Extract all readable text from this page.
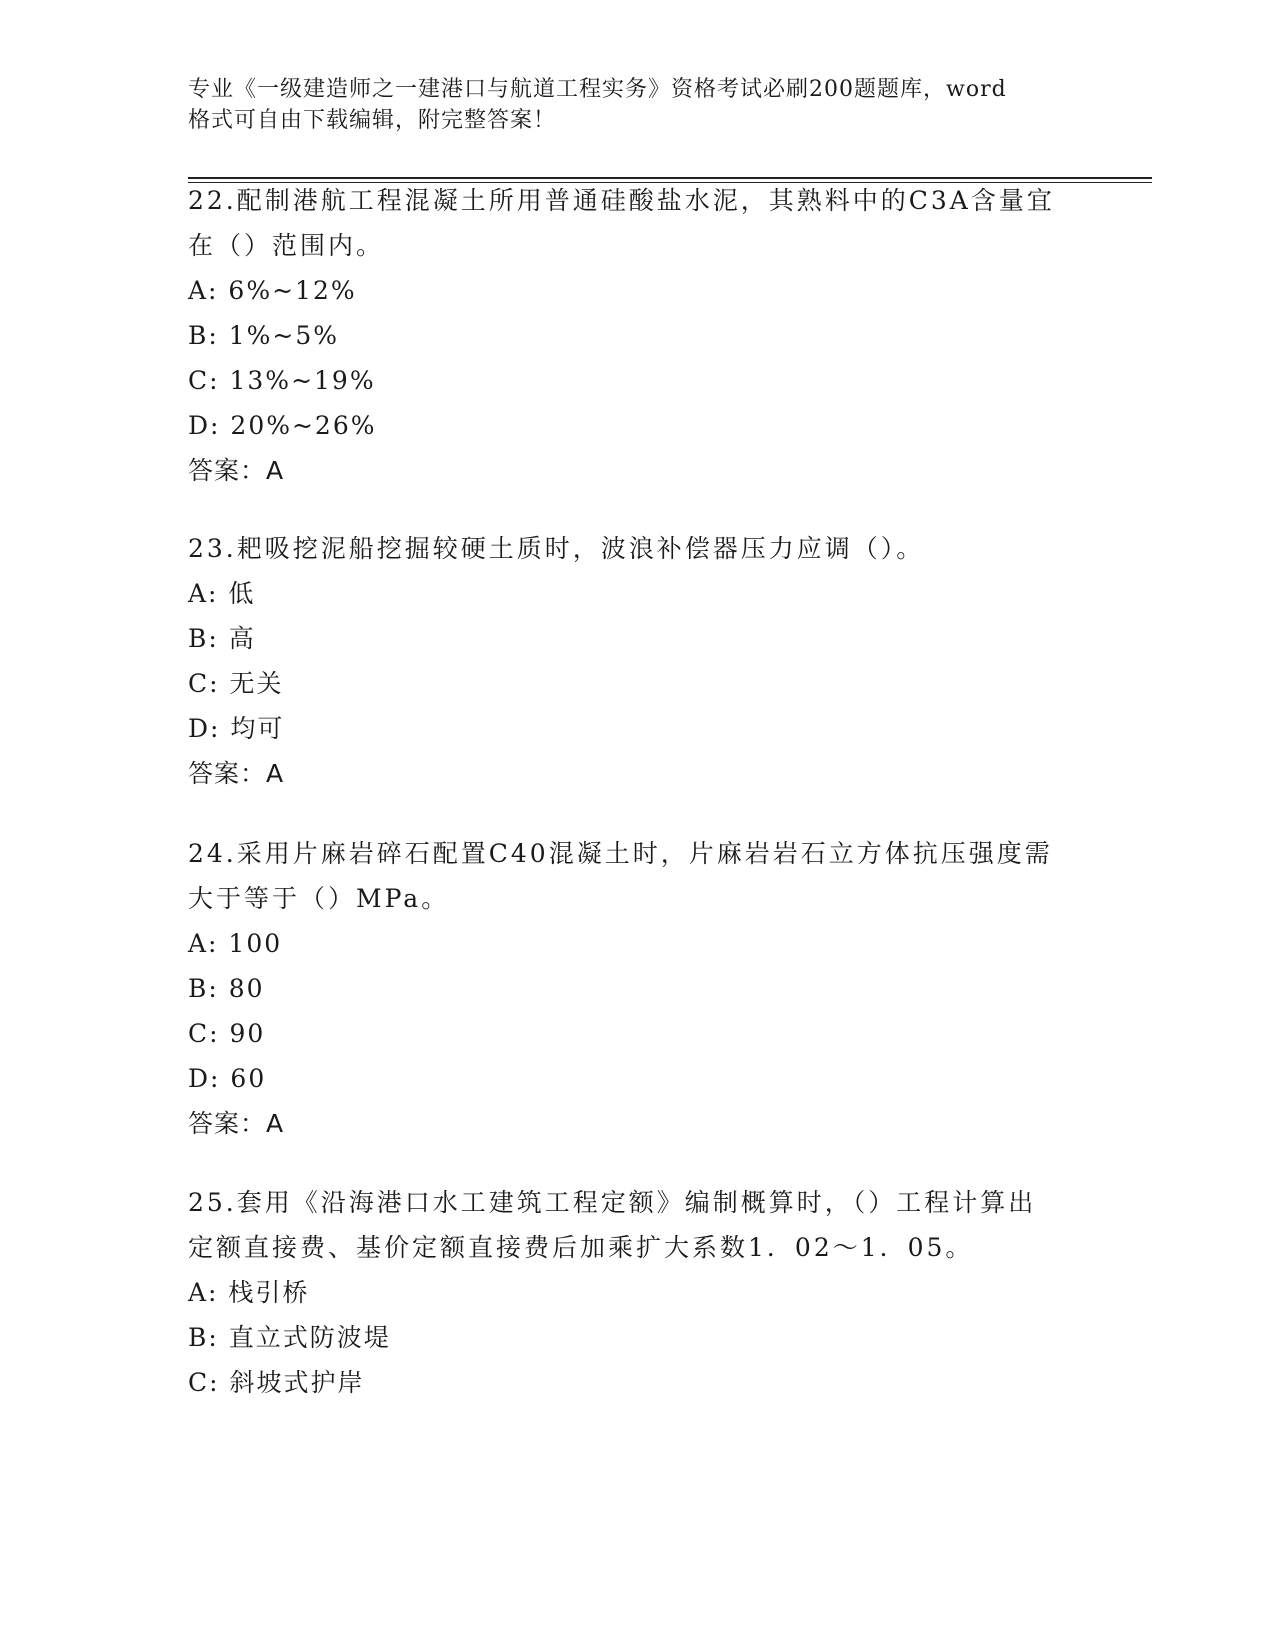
专业《一级建造师之一建港口与航道工程实务》资格考试必刷200题题库，word
格式可自由下载编辑，附完整答案！

22.配制港航工程混凝土所用普通硅酸盐水泥，其熟料中的C3A含量宜

在（）范围内。

A: 6%~12%

B: 1%~5%

C: 13%~19%

D: 20%~26%

答案：A

23.耙吸挖泥船挖掘较硬土质时，波浪补偿器压力应调（）。

A: 低

B: 高

C: 无关

D: 均可

答案：A

24.采用片麻岩碎石配置C40混凝土时，片麻岩岩石立方体抗压强度需

大于等于（）MPa。

A: 100

B: 80

C: 90

D: 60

答案：A

25.套用《沿海港口水工建筑工程定额》编制概算时，（）工程计算出

定额直接费、基价定额直接费后加乘扩大系数1．02～1．05。

A: 栈引桥

B: 直立式防波堤

C: 斜坡式护岸
